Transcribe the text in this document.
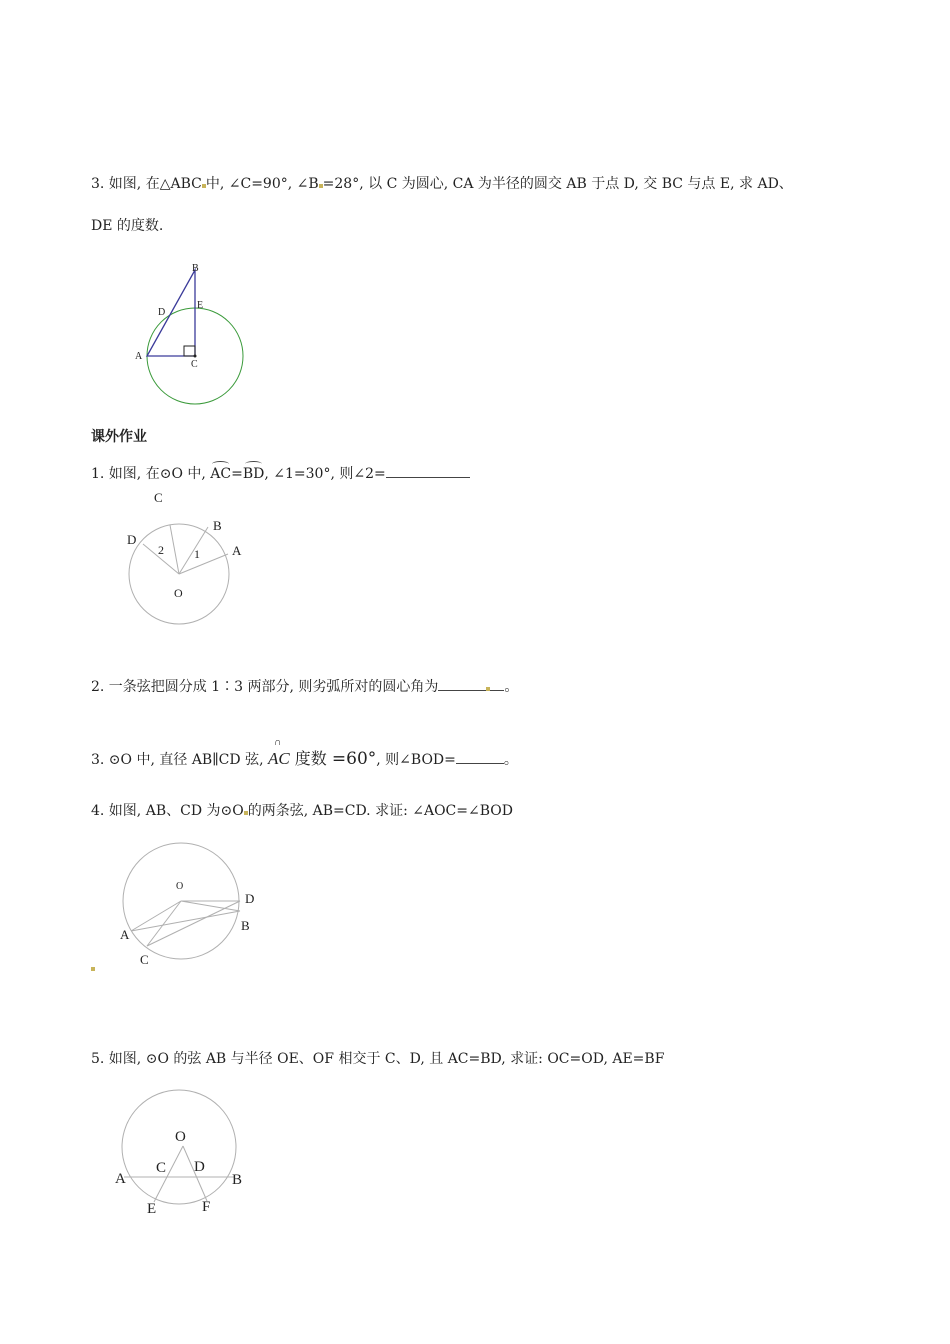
3. 如图, 在△ABC 中, ∠C=90°, ∠B =28°, 以 C 为圆心, CA 为半径的圆交 AB 于点 D, 交 BC 与点 E, 求 AD、
DE 的度数.
B
E
D
A
C
课外作业
1. 如图, 在⊙O 中, AC=BD, ∠1=30°, 则∠2=
C
B
D
A
2	1
O
2. 一条弦把圆分成 1∶3 两部分, 则劣弧所对的圆心角为	。
3. ⊙O 中, 直径 AB∥CD 弦, ∩ AC 度数 =60°, 则∠BOD=	。
4. 如图, AB、CD 为⊙O 的两条弦, AB=CD. 求证: ∠AOC=∠BOD
O
D
B
A
C
5. 如图, ⊙O 的弦 AB 与半径 OE、OF 相交于 C、D, 且 AC=BD, 求证: OC=OD, AE=BF
O
C D
A	B
E	F
